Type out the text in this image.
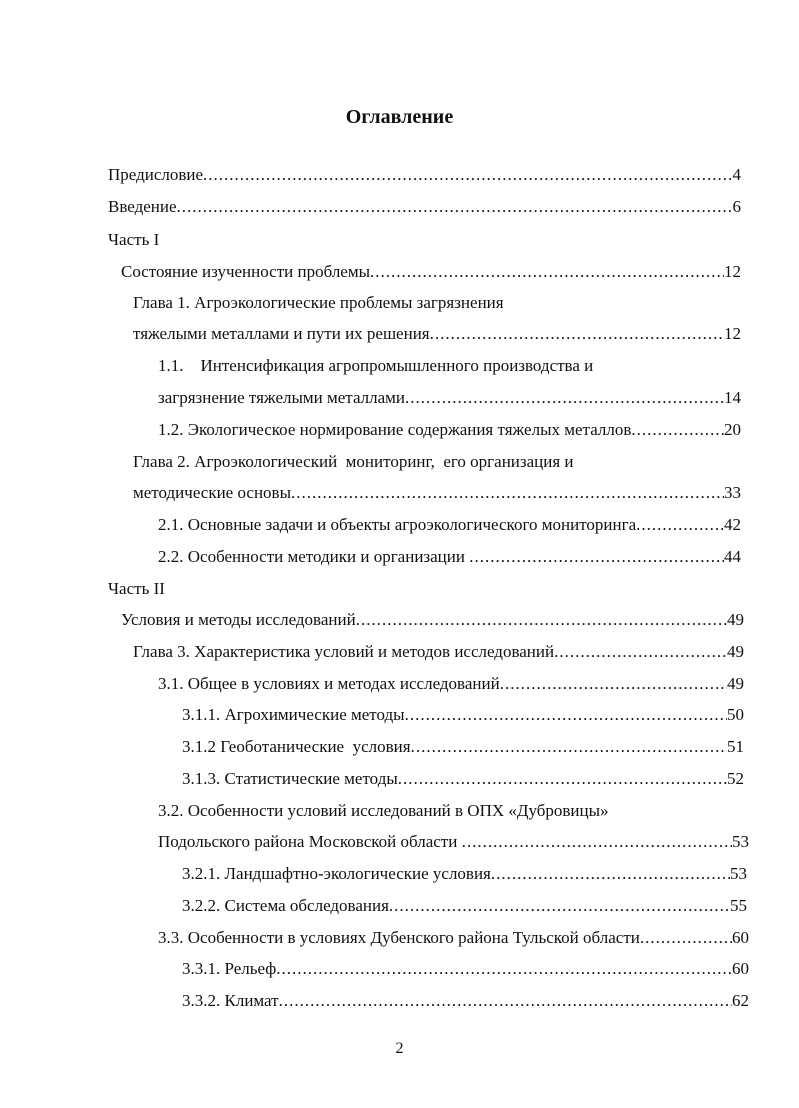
Оглавление
Предисловие .....	4
Введение .....	6
Часть I
Состояние изученности проблемы .....	12
Глава 1. Агроэкологические проблемы загрязнения
тяжелыми металлами и пути их решения .....	12
1.1.    Интенсификация агропромышленного производства и
загрязнение тяжелыми металлами .....	14
1.2. Экологическое нормирование содержания тяжелых металлов .....	20
Глава 2. Агроэкологический  мониторинг,  его организация и
методические основы .....	33
2.1. Основные задачи и объекты агроэкологического мониторинга .....	42
2.2. Особенности методики и организации .....	44
Часть II
Условия и методы исследований .....	49
Глава 3. Характеристика условий и методов исследований .....	49
3.1. Общее в условиях и методах исследований .....	49
3.1.1. Агрохимические методы .....	50
3.1.2 Геоботанические  условия .....	51
3.1.3. Статистические методы .....	52
3.2. Особенности условий исследований в ОПХ «Дубровицы»
Подольского района Московской области .....	53
3.2.1. Ландшафтно-экологические условия .....	53
3.2.2. Система обследования .....	55
3.3. Особенности в условиях Дубенского района Тульской области .....	60
3.3.1. Рельеф .....	60
3.3.2. Климат .....	62
2
